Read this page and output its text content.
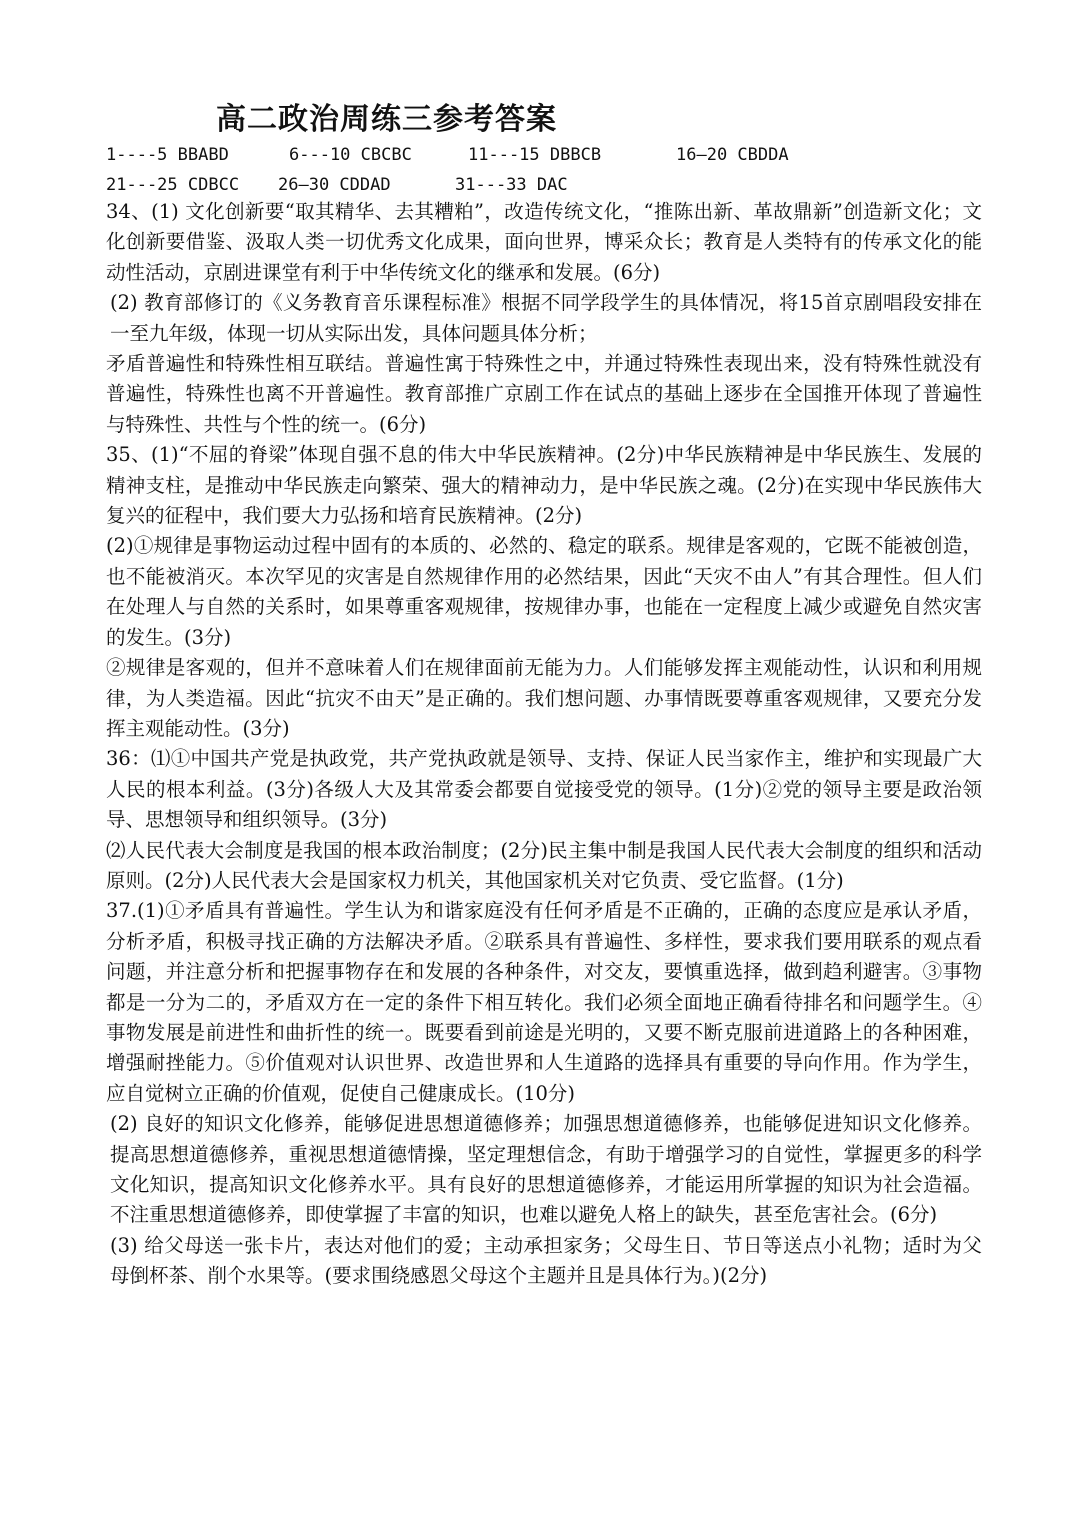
高二政治周练三参考答案
1----5 BBABD	6---10 CBCBC	11---15 DBBCB	16—20 CBDDA
21---25 CDBCC 26—30 CDDAD	31---33 DAC

34、(1) 文化创新要“取其精华、去其糟粕”，改造传统文化，“推陈出新、革故鼎新”创造新文化；文化创新要借鉴、汲取人类一切优秀文化成果，面向世界，博采众长；教育是人类特有的传承文化的能动性活动，京剧进课堂有利于中华传统文化的继承和发展。(6分)

(2) 教育部修订的《义务教育音乐课程标准》根据不同学段学生的具体情况，将15首京剧唱段安排在一至九年级，体现一切从实际出发，具体问题具体分析；

矛盾普遍性和特殊性相互联结。普遍性寓于特殊性之中，并通过特殊性表现出来，没有特殊性就没有普遍性，特殊性也离不开普遍性。教育部推广京剧工作在试点的基础上逐步在全国推开体现了普遍性与特殊性、共性与个性的统一。(6分)

35、(1)“不屈的脊梁”体现自强不息的伟大中华民族精神。(2分)中华民族精神是中华民族生、发展的精神支柱，是推动中华民族走向繁荣、强大的精神动力，是中华民族之魂。(2分)在实现中华民族伟大复兴的征程中，我们要大力弘扬和培育民族精神。(2分)

(2)①规律是事物运动过程中固有的本质的、必然的、稳定的联系。规律是客观的，它既不能被创造，也不能被消灭。本次罕见的灾害是自然规律作用的必然结果，因此“天灾不由人”有其合理性。但人们在处理人与自然的关系时，如果尊重客观规律，按规律办事，也能在一定程度上减少或避免自然灾害的发生。(3分)

②规律是客观的，但并不意味着人们在规律面前无能为力。人们能够发挥主观能动性，认识和利用规律，为人类造福。因此“抗灾不由天”是正确的。我们想问题、办事情既要尊重客观规律，又要充分发挥主观能动性。(3分)

36：⑴①中国共产党是执政党，共产党执政就是领导、支持、保证人民当家作主，维护和实现最广大人民的根本利益。(3分)各级人大及其常委会都要自觉接受党的领导。(1分)②党的领导主要是政治领导、思想领导和组织领导。(3分)

⑵人民代表大会制度是我国的根本政治制度；(2分)民主集中制是我国人民代表大会制度的组织和活动原则。(2分)人民代表大会是国家权力机关，其他国家机关对它负责、受它监督。(1分)

37.(1)①矛盾具有普遍性。学生认为和谐家庭没有任何矛盾是不正确的，正确的态度应是承认矛盾，分析矛盾，积极寻找正确的方法解决矛盾。②联系具有普遍性、多样性，要求我们要用联系的观点看问题，并注意分析和把握事物存在和发展的各种条件，对交友，要慎重选择，做到趋利避害。③事物都是一分为二的，矛盾双方在一定的条件下相互转化。我们必须全面地正确看待排名和问题学生。④事物发展是前进性和曲折性的统一。既要看到前途是光明的，又要不断克服前进道路上的各种困难，增强耐挫能力。⑤价值观对认识世界、改造世界和人生道路的选择具有重要的导向作用。作为学生，应自觉树立正确的价值观，促使自己健康成长。(10分)

(2) 良好的知识文化修养，能够促进思想道德修养；加强思想道德修养，也能够促进知识文化修养。提高思想道德修养，重视思想道德情操，坚定理想信念，有助于增强学习的自觉性，掌握更多的科学文化知识，提高知识文化修养水平。具有良好的思想道德修养，才能运用所掌握的知识为社会造福。不注重思想道德修养，即使掌握了丰富的知识，也难以避免人格上的缺失，甚至危害社会。(6分)

(3) 给父母送一张卡片，表达对他们的爱；主动承担家务；父母生日、节日等送点小礼物；适时为父母倒杯茶、削个水果等。(要求围绕感恩父母这个主题并且是具体行为。)(2分)
